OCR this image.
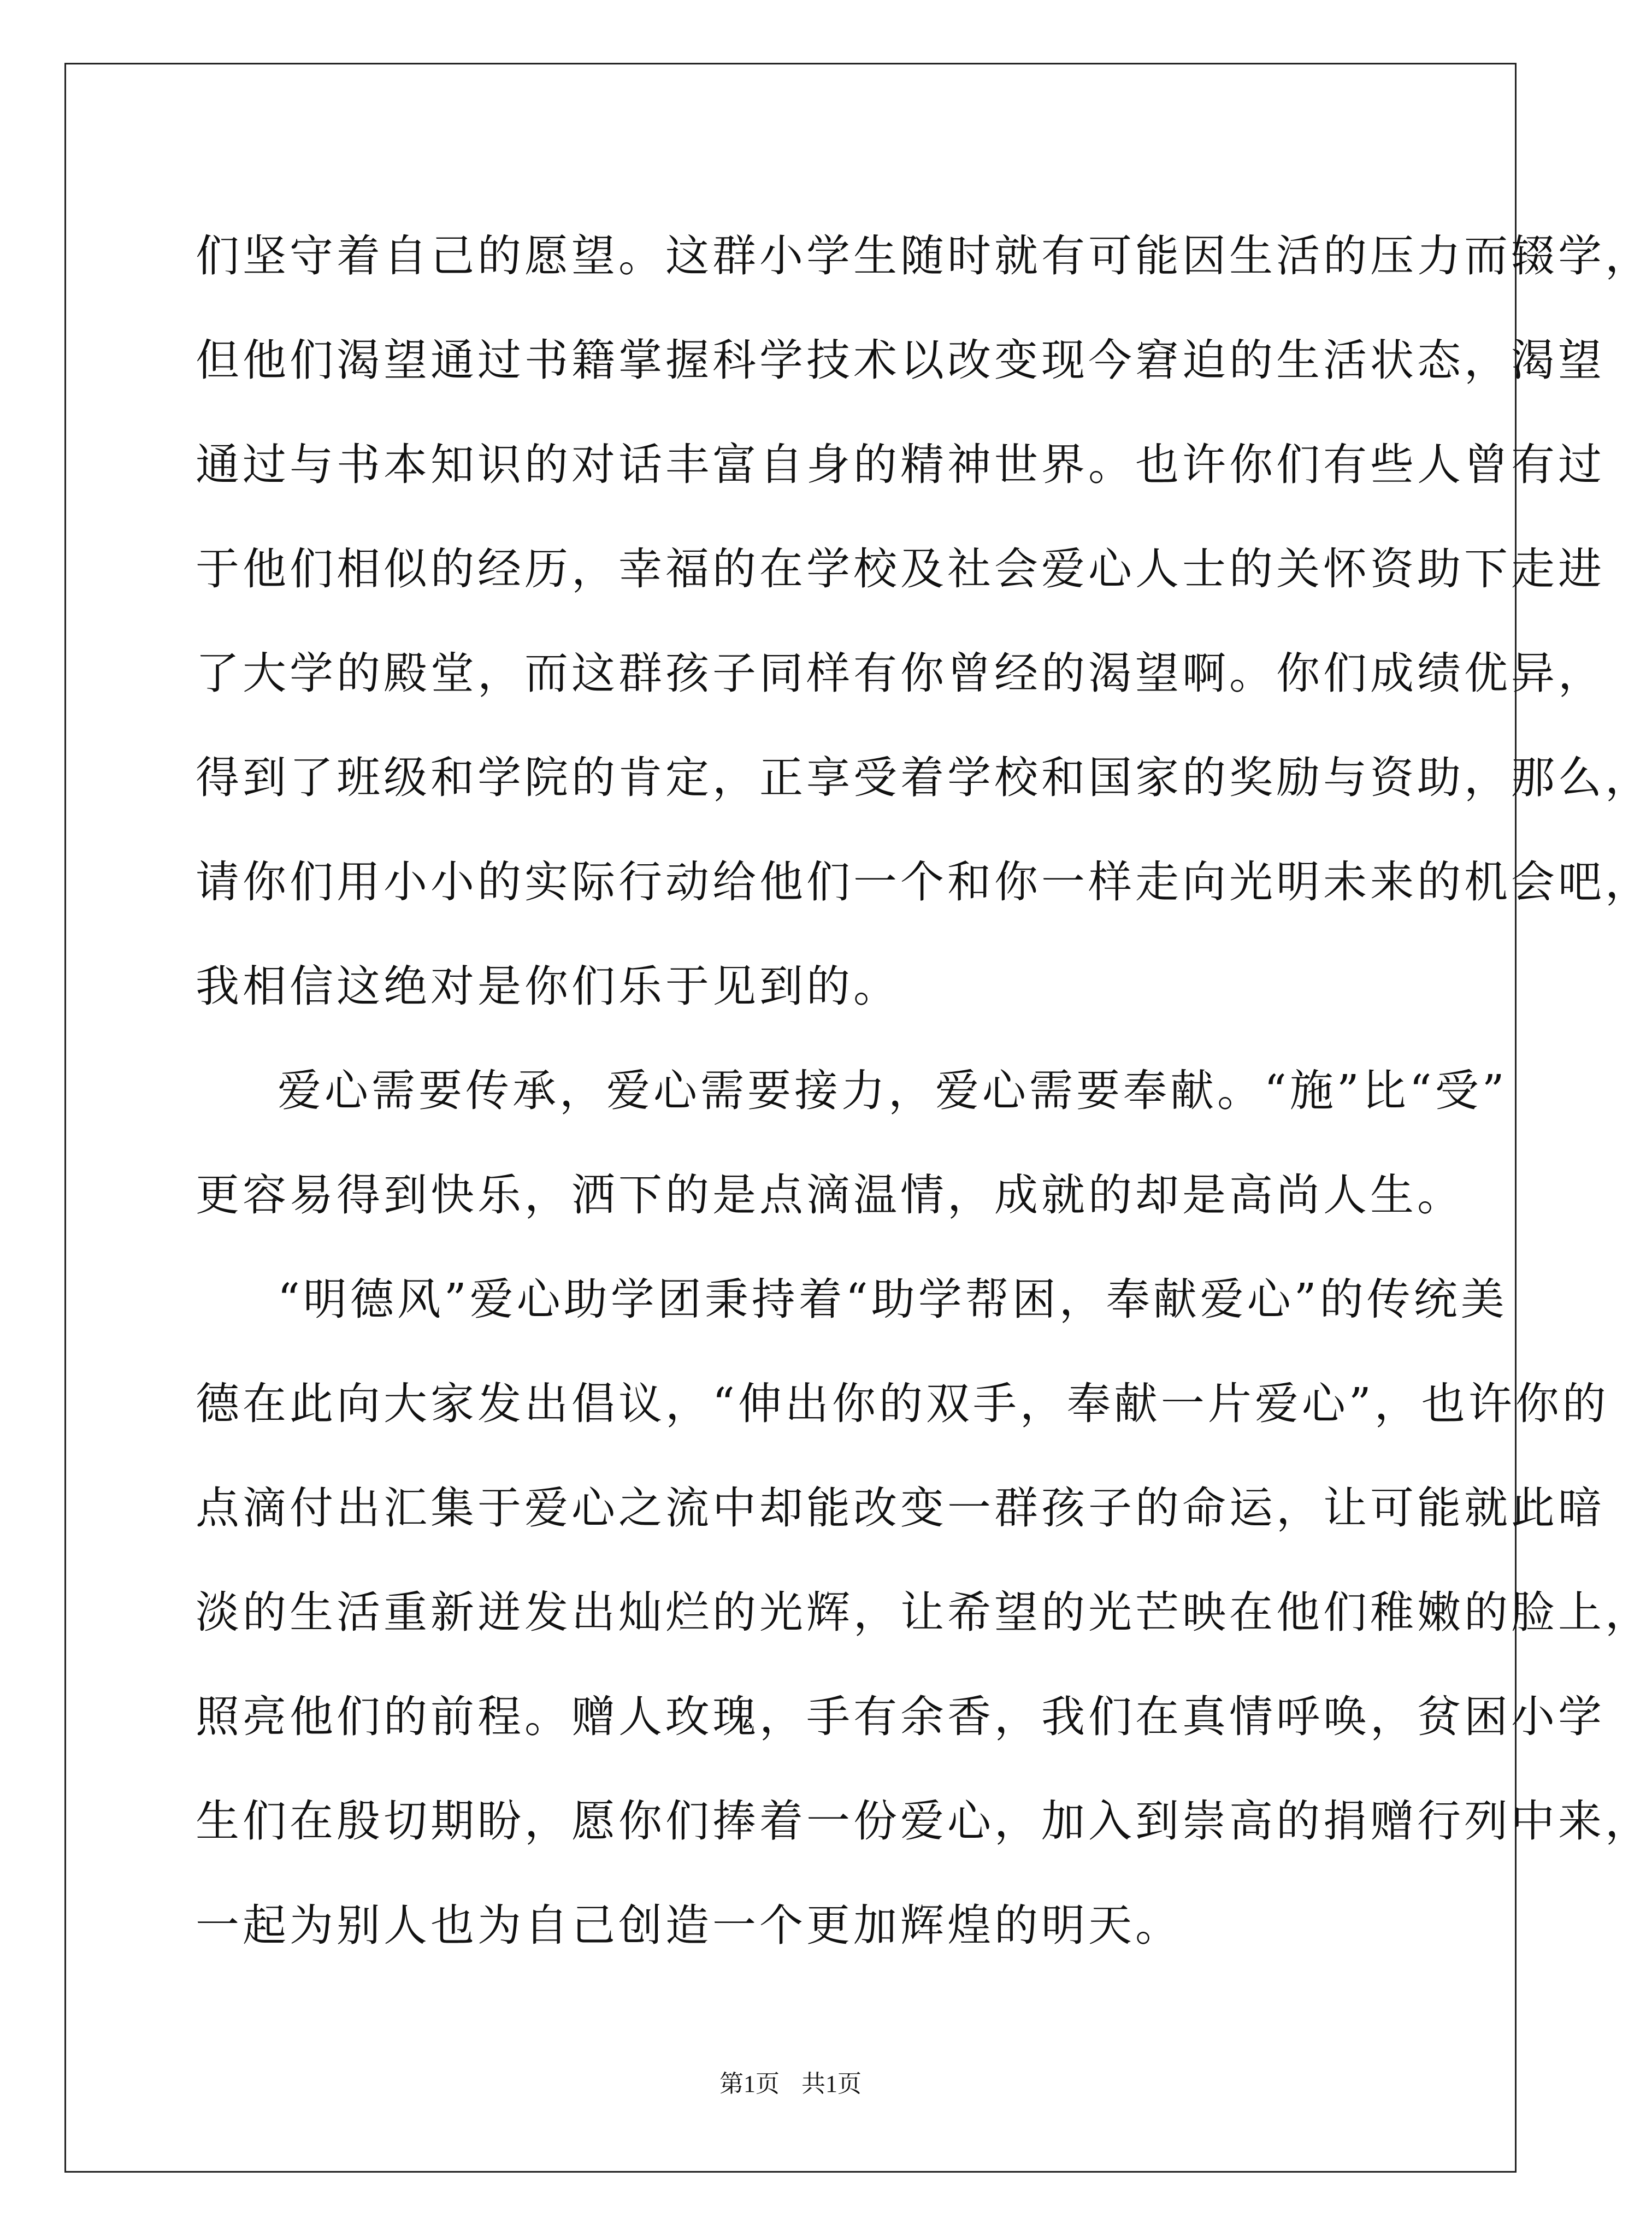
们坚守着自己的愿望。这群小学生随时就有可能因生活的压力而辍学，
但他们渴望通过书籍掌握科学技术以改变现今窘迫的生活状态，渴望
通过与书本知识的对话丰富自身的精神世界。也许你们有些人曾有过
于他们相似的经历，幸福的在学校及社会爱心人士的关怀资助下走进
了大学的殿堂，而这群孩子同样有你曾经的渴望啊。你们成绩优异，
得到了班级和学院的肯定，正享受着学校和国家的奖励与资助，那么，
请你们用小小的实际行动给他们一个和你一样走向光明未来的机会吧，
我相信这绝对是你们乐于见到的。
爱心需要传承，爱心需要接力，爱心需要奉献。“施”比“受”
更容易得到快乐，洒下的是点滴温情，成就的却是高尚人生。
“明德风”爱心助学团秉持着“助学帮困，奉献爱心”的传统美
德在此向大家发出倡议，“伸出你的双手，奉献一片爱心”，也许你的
点滴付出汇集于爱心之流中却能改变一群孩子的命运，让可能就此暗
淡的生活重新迸发出灿烂的光辉，让希望的光芒映在他们稚嫩的脸上，
照亮他们的前程。赠人玫瑰，手有余香，我们在真情呼唤，贫困小学
生们在殷切期盼，愿你们捧着一份爱心，加入到崇高的捐赠行列中来，
一起为别人也为自己创造一个更加辉煌的明天。
第1页 共1页
